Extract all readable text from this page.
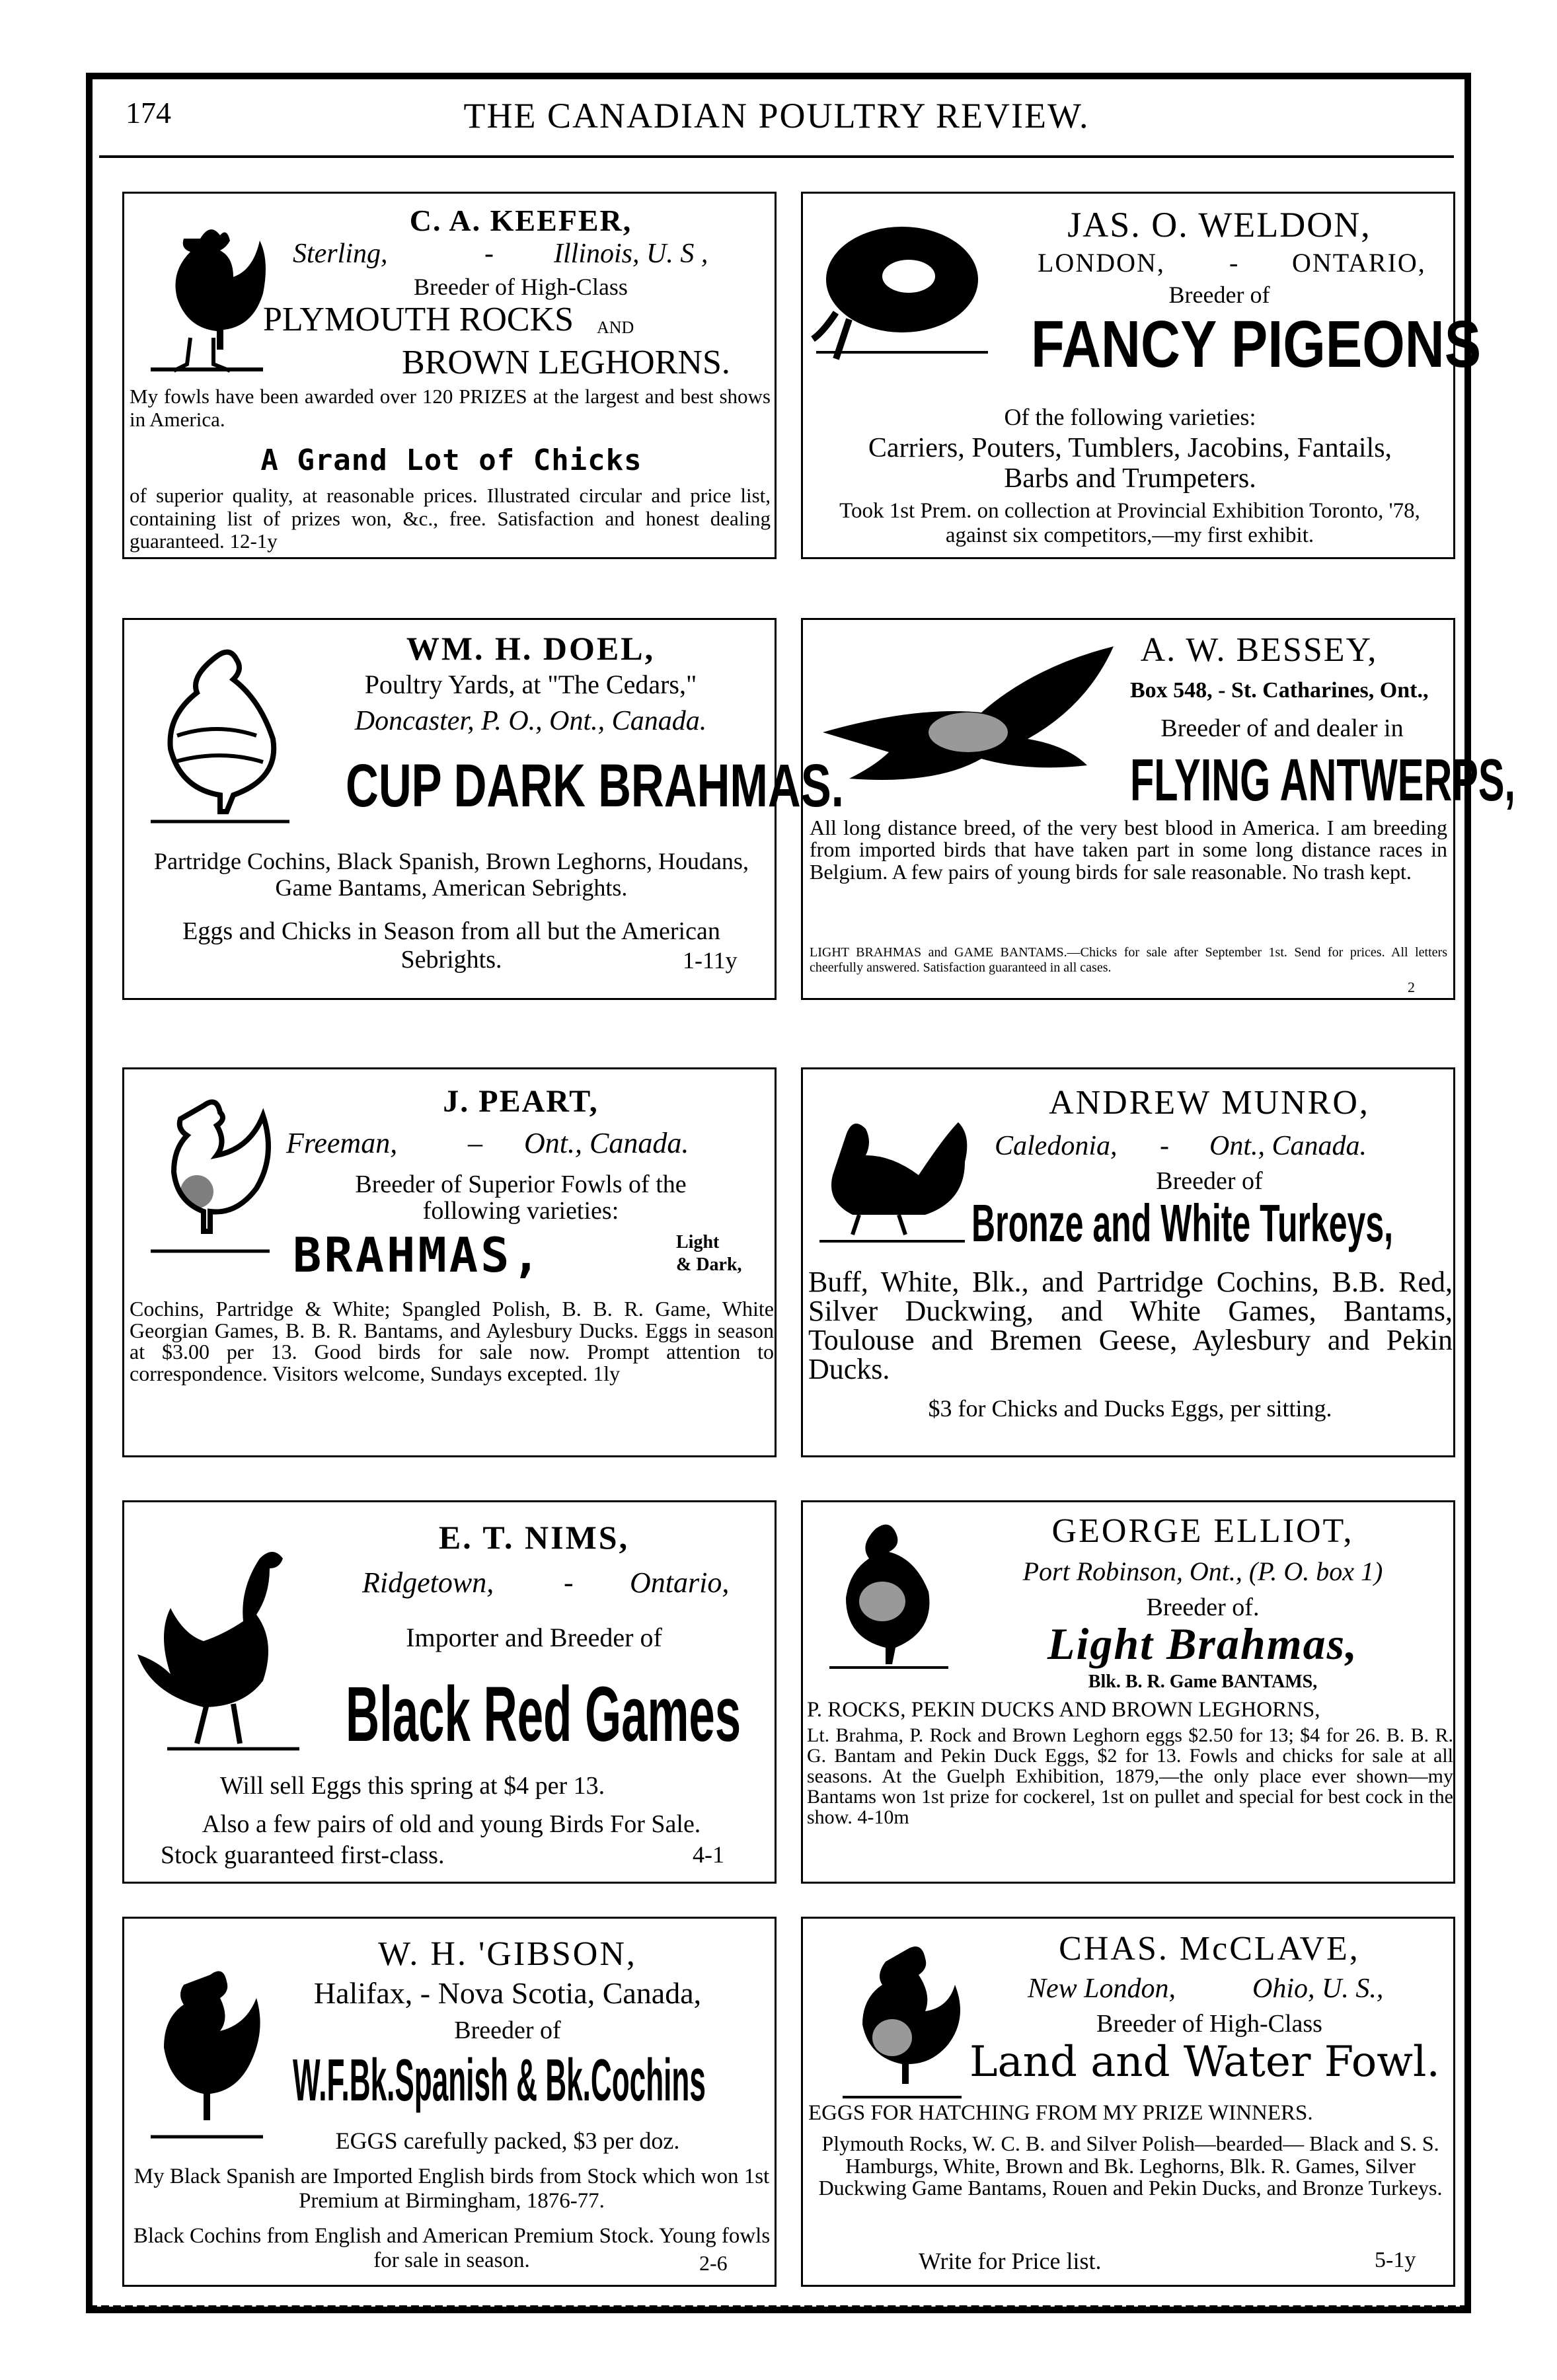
174	THE CANADIAN POULTRY REVIEW.
C. A. KEEFER,
Sterling,	- Illinois, U. S ,
Breeder of High-Class
PLYMOUTH ROCKS AND
BROWN LEGHORNS.
My fowls have been awarded over 120 PRIZES at the largest and best shows in America.
A Grand Lot of Chicks
of superior quality, at reasonable prices. Illustrated circular and price list, containing list of prizes won, &c., free. Satisfaction and honest dealing guaranteed. 12-1y
JAS. O. WELDON,
LONDON, - ONTARIO,
Breeder of
FANCY PIGEONS
Of the following varieties:
Carriers, Pouters, Tumblers, Jacobins, Fantails,
Barbs and Trumpeters.
Took 1st Prem. on collection at Provincial Exhibition Toronto, '78, against six competitors,—my first exhibit.
WM. H. DOEL,
Poultry Yards, at "The Cedars,"
Doncaster, P. O., Ont., Canada.
CUP DARK BRAHMAS.
Partridge Cochins, Black Spanish, Brown Leghorns, Houdans, Game Bantams, American Sebrights.
Eggs and Chicks in Season from all but the American Sebrights.	1-11y
A. W. BESSEY,
Box 548, - St. Catharines, Ont.,
Breeder of and dealer in
FLYING ANTWERPS,
All long distance breed, of the very best blood in America. I am breeding from imported birds that have taken part in some long distance races in Belgium. A few pairs of young birds for sale reasonable. No trash kept.
LIGHT BRAHMAS and GAME BANTAMS.—Chicks for sale after September 1st. Send for prices. All letters cheerfully answered. Satisfaction guaranteed in all cases.
2
J. PEART,
Freeman, – Ont., Canada.
Breeder of Superior Fowls of the
following varieties:
BRAHMAS,	Light
& Dark,
Cochins, Partridge & White; Spangled Polish, B. B. R. Game, White Georgian Games, B. B. R. Bantams, and Aylesbury Ducks. Eggs in season at $3.00 per 13. Good birds for sale now. Prompt attention to correspondence. Visitors welcome, Sundays excepted. 1ly
ANDREW MUNRO,
Caledonia, - Ont., Canada.
Breeder of
Bronze and White Turkeys,
Buff, White, Blk., and Partridge Cochins, B.B. Red, Silver Duckwing, and White Games, Bantams, Toulouse and Bremen Geese, Aylesbury and Pekin Ducks.
$3 for Chicks and Ducks Eggs, per sitting.
E. T. NIMS,
Ridgetown, - Ontario,
Importer and Breeder of
Black Red Games
Will sell Eggs this spring at $4 per 13.
Also a few pairs of old and young Birds For Sale.
Stock guaranteed first-class.	4-1
GEORGE ELLIOT,
Port Robinson, Ont., (P. O. box 1)
Breeder of.
Light Brahmas,
Blk. B. R. Game BANTAMS,
P. ROCKS, PEKIN DUCKS AND BROWN LEGHORNS,
Lt. Brahma, P. Rock and Brown Leghorn eggs $2.50 for 13; $4 for 26. B. B. R. G. Bantam and Pekin Duck Eggs, $2 for 13. Fowls and chicks for sale at all seasons. At the Guelph Exhibition, 1879,—the only place ever shown—my Bantams won 1st prize for cockerel, 1st on pullet and special for best cock in the show. 4-10m
W. H. 'GIBSON,
Halifax, - Nova Scotia, Canada,
Breeder of
W.F.Bk.Spanish & Bk.Cochins
EGGS carefully packed, $3 per doz.
My Black Spanish are Imported English birds from Stock which won 1st Premium at Birmingham, 1876-77.
Black Cochins from English and American Premium Stock. Young fowls for sale in season.	2-6
CHAS. McCLAVE,
New London,	Ohio, U. S.,
Breeder of High-Class
Land and Water Fowl.
EGGS FOR HATCHING FROM MY PRIZE WINNERS.
Plymouth Rocks, W. C. B. and Silver Polish—bearded— Black and S. S. Hamburgs, White, Brown and Bk. Leghorns, Blk. R. Games, Silver Duckwing Game Bantams, Rouen and Pekin Ducks, and Bronze Turkeys.
Write for Price list.	5-1y
